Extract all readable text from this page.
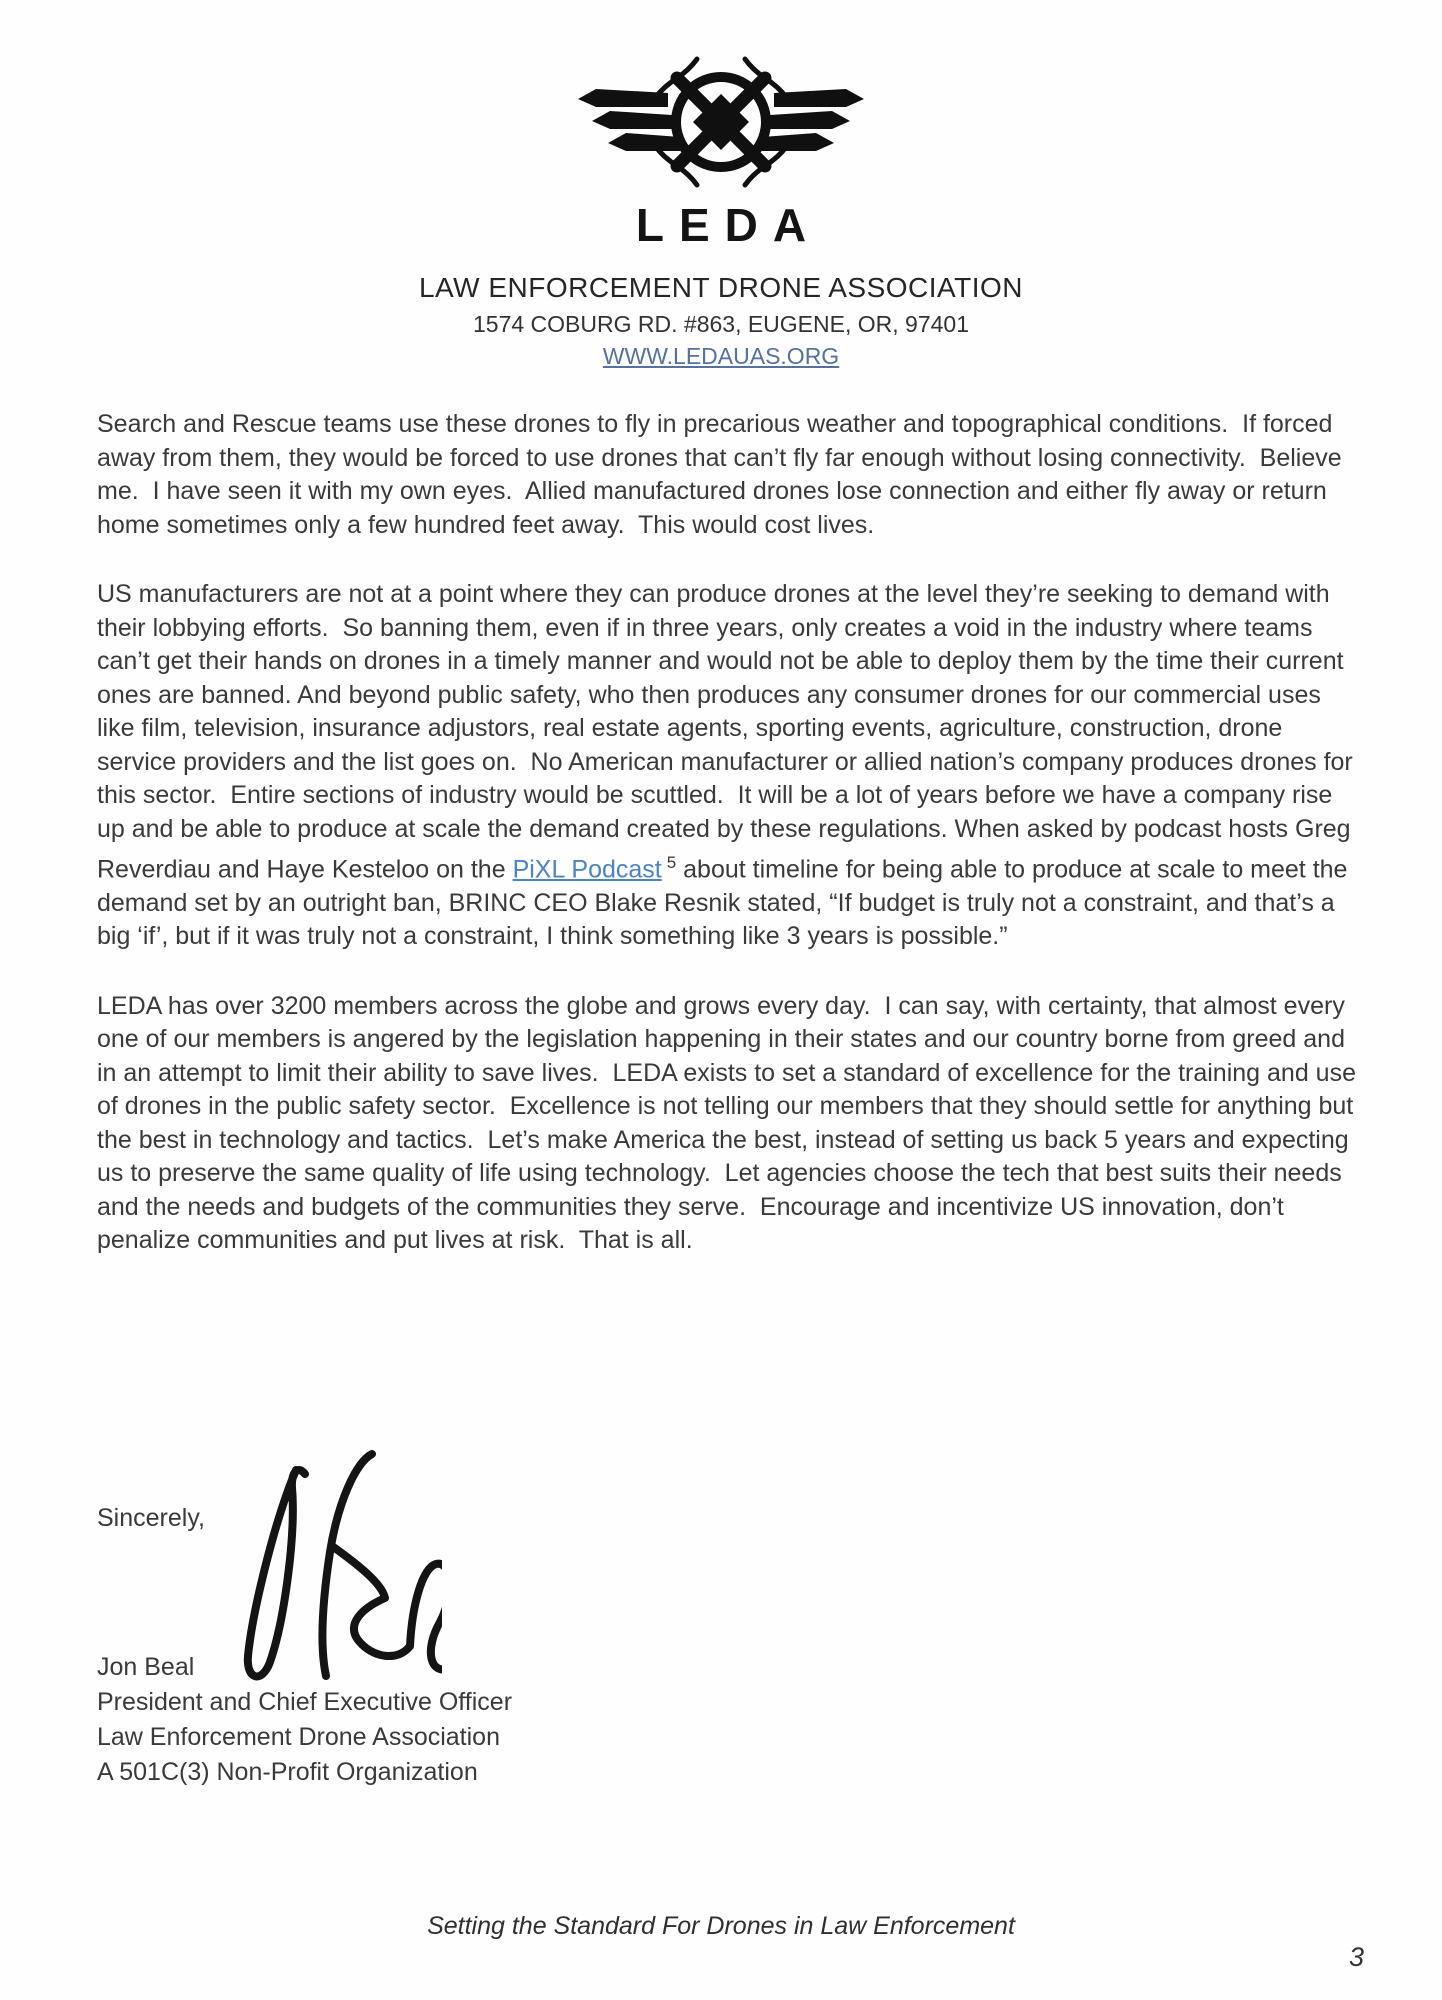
LEDA
LAW ENFORCEMENT DRONE ASSOCIATION
1574 COBURG RD. #863, EUGENE, OR, 97401
WWW.LEDAUAS.ORG

Search and Rescue teams use these drones to fly in precarious weather and topographical conditions.  If forced away from them, they would be forced to use drones that can’t fly far enough without losing connectivity.  Believe me.  I have seen it with my own eyes.  Allied manufactured drones lose connection and either fly away or return home sometimes only a few hundred feet away.  This would cost lives.

US manufacturers are not at a point where they can produce drones at the level they’re seeking to demand with their lobbying efforts.  So banning them, even if in three years, only creates a void in the industry where teams can’t get their hands on drones in a timely manner and would not be able to deploy them by the time their current ones are banned. And beyond public safety, who then produces any consumer drones for our commercial uses like film, television, insurance adjustors, real estate agents, sporting events, agriculture, construction, drone service providers and the list goes on.  No American manufacturer or allied nation’s company produces drones for this sector.  Entire sections of industry would be scuttled.  It will be a lot of years before we have a company rise up and be able to produce at scale the demand created by these regulations. When asked by podcast hosts Greg Reverdiau and Haye Kesteloo on the PiXL Podcast $^5$ about timeline for being able to produce at scale to meet the demand set by an outright ban, BRINC CEO Blake Resnik stated, “If budget is truly not a constraint, and that’s a big ‘if’, but if it was truly not a constraint, I think something like 3 years is possible.”

LEDA has over 3200 members across the globe and grows every day.  I can say, with certainty, that almost every one of our members is angered by the legislation happening in their states and our country borne from greed and in an attempt to limit their ability to save lives.  LEDA exists to set a standard of excellence for the training and use of drones in the public safety sector.  Excellence is not telling our members that they should settle for anything but the best in technology and tactics.  Let’s make America the best, instead of setting us back 5 years and expecting us to preserve the same quality of life using technology.  Let agencies choose the tech that best suits their needs and the needs and budgets of the communities they serve.  Encourage and incentivize US innovation, don’t penalize communities and put lives at risk.  That is all.

Sincerely,
Jon Beal
President and Chief Executive Officer
Law Enforcement Drone Association
A 501C(3) Non-Profit Organization
Setting the Standard For Drones in Law Enforcement
3
